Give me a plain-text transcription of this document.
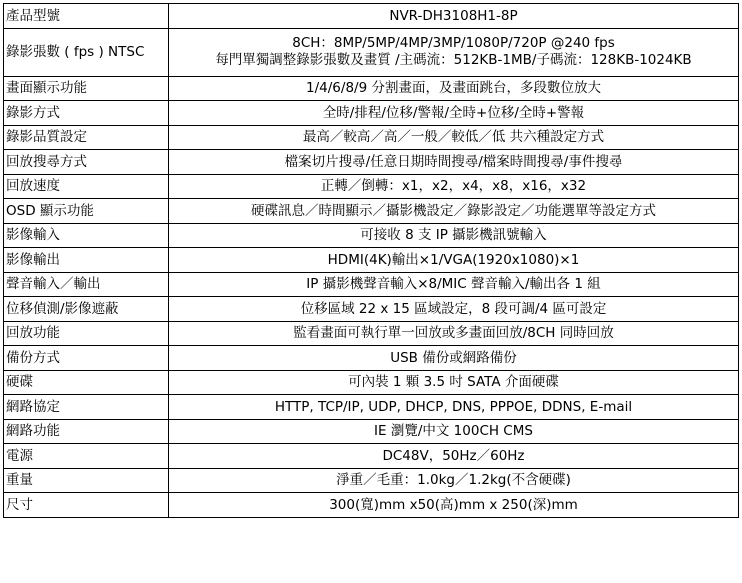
產品型號	NVR-DH3108H1-8P
錄影張數 ( fps ) NTSC	8CH：8MP/5MP/4MP/3MP/1080P/720P @240 fps
每門單獨調整錄影張數及畫質 /主碼流：512KB-1MB/子碼流：128KB-1024KB

畫面顯示功能	1/4/6/8/9 分割畫面，及畫面跳台，多段數位放大
錄影方式	全時/排程/位移/警報/全時+位移/全時+警報
錄影品質設定	最高／較高／高／一般／較低／低 共六種設定方式
回放搜尋方式	檔案切片搜尋/任意日期時間搜尋/檔案時間搜尋/事件搜尋
回放速度	正轉／倒轉：x1，x2，x4，x8，x16，x32
OSD 顯示功能	硬碟訊息／時間顯示／攝影機設定／錄影設定／功能選單等設定方式
影像輸入	可接收 8 支 IP 攝影機訊號輸入
影像輸出	HDMI(4K)輸出×1/VGA(1920x1080)×1
聲音輸入／輸出	IP 攝影機聲音輸入×8/MIC 聲音輸入/輸出各 1 組
位移偵測/影像遮蔽	位移區域 22 x 15 區域設定，8 段可調/4 區可設定
回放功能	監看畫面可執行單一回放或多畫面回放/8CH 同時回放
備份方式	USB 備份或網路備份
硬碟	可內裝 1 顆 3.5 吋 SATA 介面硬碟
網路協定	HTTP, TCP/IP, UDP, DHCP, DNS, PPPOE, DDNS, E-mail
網路功能	IE 瀏覽/中文 100CH CMS
電源	DC48V，50Hz／60Hz
重量	淨重／毛重：1.0kg／1.2kg(不含硬碟)
尺寸	300(寬)mm x50(高)mm x 250(深)mm
